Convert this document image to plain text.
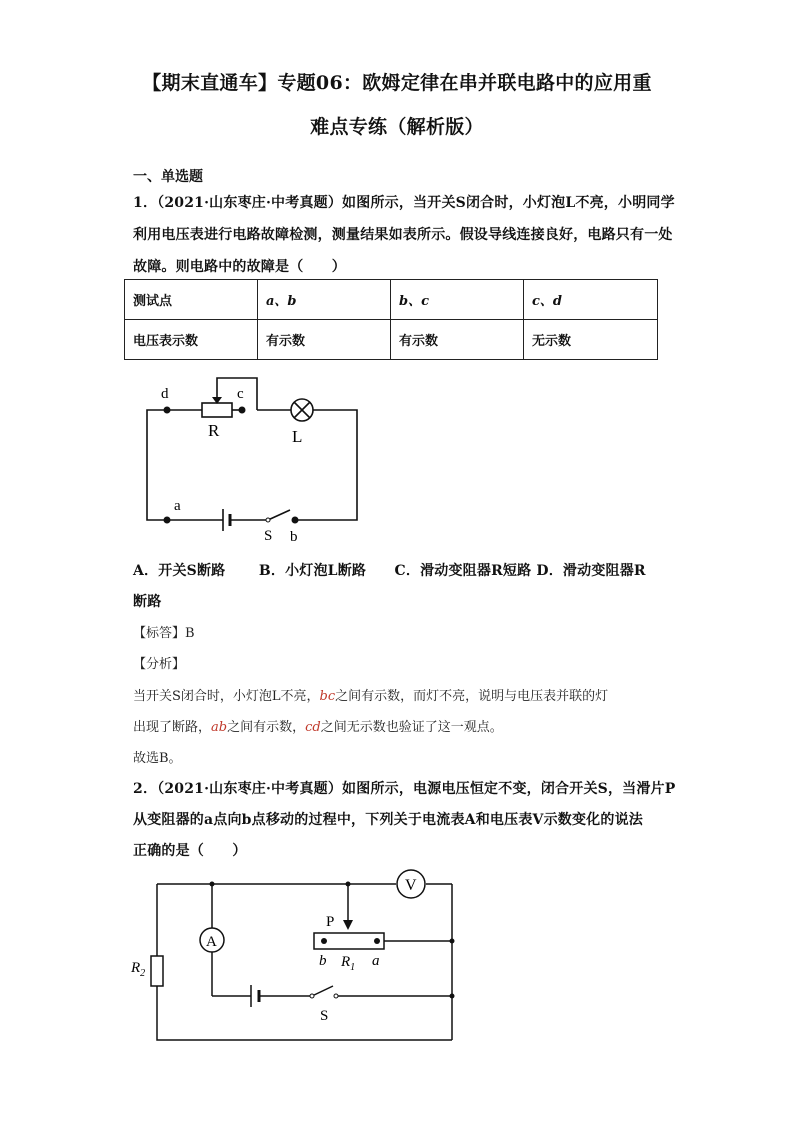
【期末直通车】专题06：欧姆定律在串并联电路中的应用重
难点专练（解析版）
一、单选题
1．（2021·山东枣庄·中考真题）如图所示，当开关S闭合时，小灯泡L不亮，小明同学
利用电压表进行电路故障检测，测量结果如表所示。假设导线连接良好，电路只有一处
故障。则电路中的故障是（　　）
测试点	a、b	b、c	c、d
电压表示数	有示数	有示数	无示数
d	c
R	L
a
S b
A．开关S断路　　 B．小灯泡L断路　　C．滑动变阻器R短路 D．滑动变阻器R
断路
【标答】B
【分析】
当开关S闭合时，小灯泡L不亮，bc之间有示数，而灯不亮，说明与电压表并联的灯
出现了断路，ab之间有示数，cd之间无示数也验证了这一观点。
故选B。
2．（2021·山东枣庄·中考真题）如图所示，电源电压恒定不变，闭合开关S，当滑片P
从变阻器的a点向b点移动的过程中，下列关于电流表A和电压表V示数变化的说法
正确的是（　　）
V
A
P
b $R_1$ a
$R_2$
S
